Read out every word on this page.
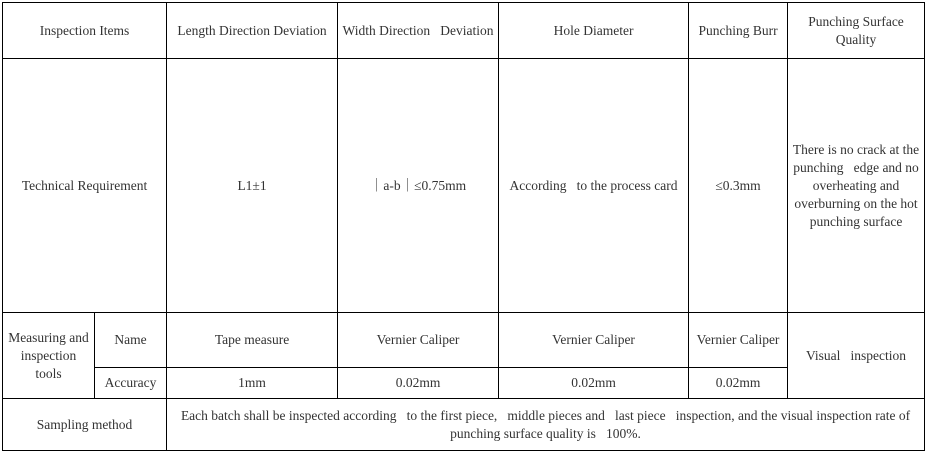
Inspection Items		Length Direction Deviation	Width Direction   Deviation	Hole Diameter	Punching Burr	Punching Surface Quality
Technical Requirement		L1±1	｜a-b｜≤0.75mm	According   to the process card	≤0.3mm	There is no crack at the punching   edge and no overheating and overburning on the hot punching surface
Measuring and inspection tools	Name	Tape measure	Vernier Caliper	Vernier Caliper	Vernier Caliper	Visual   inspection
	Accuracy	1mm	0.02mm	0.02mm	0.02mm	
Sampling method		Each batch shall be inspected according   to the first piece,   middle pieces and   last piece   inspection, and the visual inspection rate of punching surface quality is   100%.				
